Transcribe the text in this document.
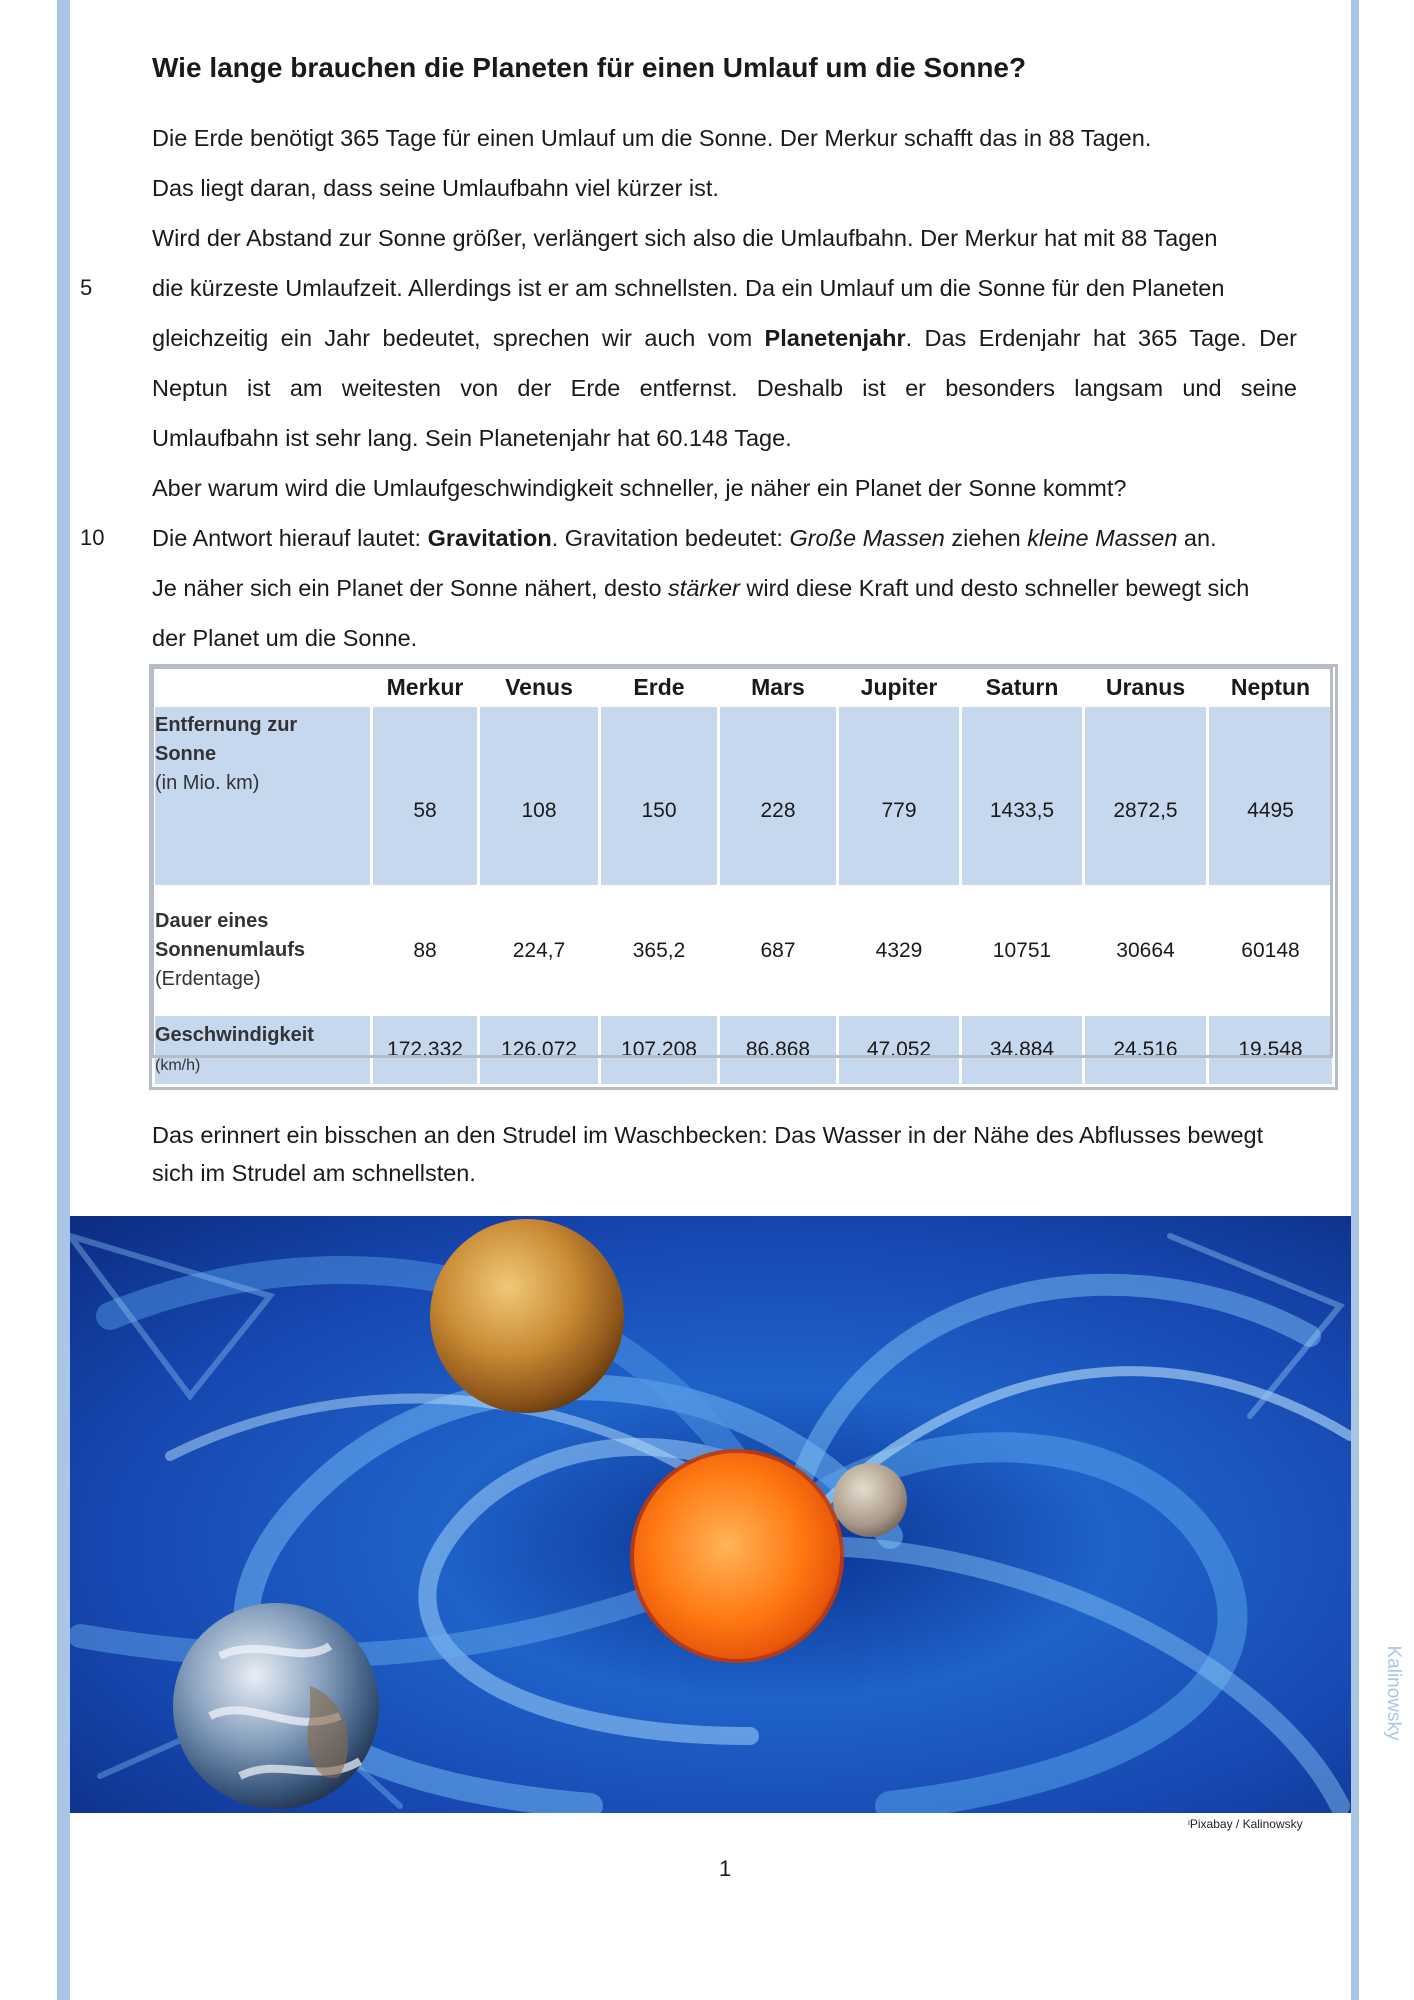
Kalinowsky
Wie lange brauchen die Planeten für einen Umlauf um die Sonne?
Die Erde benötigt 365 Tage für einen Umlauf um die Sonne. Der Merkur schafft das in 88 Tagen.
Das liegt daran, dass seine Umlaufbahn viel kürzer ist.
Wird der Abstand zur Sonne größer, verlängert sich also die Umlaufbahn. Der Merkur hat mit 88 Tagen
die kürzeste Umlaufzeit. Allerdings ist er am schnellsten. Da ein Umlauf um die Sonne für den Planeten
gleichzeitig ein Jahr bedeutet, sprechen wir auch vom Planetenjahr. Das Erdenjahr hat 365 Tage. Der
Neptun ist am weitesten von der Erde entfernst. Deshalb ist er besonders langsam und seine
Umlaufbahn ist sehr lang. Sein Planetenjahr hat 60.148 Tage.
Aber warum wird die Umlaufgeschwindigkeit schneller, je näher ein Planet der Sonne kommt?
Die Antwort hierauf lautet: Gravitation. Gravitation bedeutet: Große Massen ziehen kleine Massen an.
Je näher sich ein Planet der Sonne nähert, desto stärker wird diese Kraft und desto schneller bewegt sich
der Planet um die Sonne.
5
10
	Merkur	Venus	Erde	Mars	Jupiter	Saturn	Uranus	Neptun
Entfernung zur
Sonne
(in Mio. km)	58	108	150	228	779	1433,5	2872,5	4495
Dauer eines
Sonnenumlaufs
(Erdentage)	88	224,7	365,2	687	4329	10751	30664	60148
Geschwindigkeit
(km/h)	172.332	126.072	107.208	86.868	47.052	34.884	24.516	19.548
Das erinnert ein bisschen an den Strudel im Waschbecken: Das Wasser in der Nähe des Abflusses bewegt
sich im Strudel am schnellsten.
ᶦPixabay / Kalinowsky
1
